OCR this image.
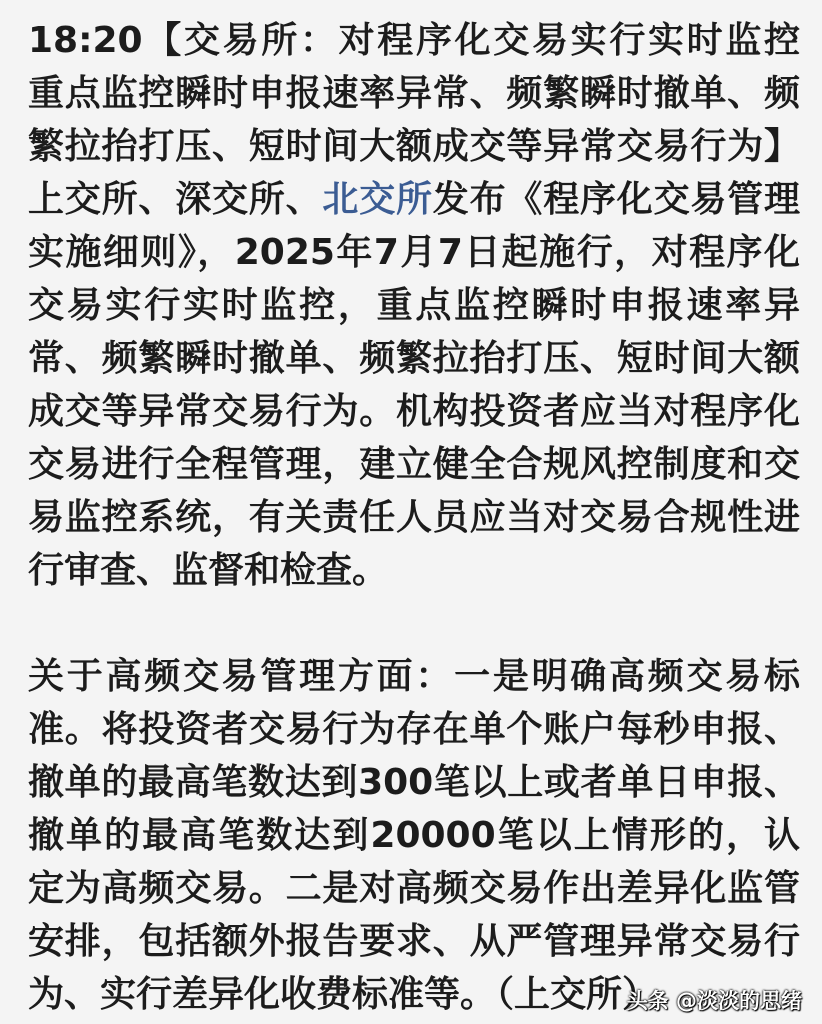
18:20【交易所：对程序化交易实行实时监控 重点监控瞬时申报速率异常、频繁瞬时撤单、频繁拉抬打压、短时间大额成交等异常交易行为】上交所、深交所、北交所发布《程序化交易管理实施细则》，2025年7月7日起施行，对程序化交易实行实时监控，重点监控瞬时申报速率异常、频繁瞬时撤单、频繁拉抬打压、短时间大额成交等异常交易行为。机构投资者应当对程序化交易进行全程管理，建立健全合规风控制度和交易监控系统，有关责任人员应当对交易合规性进行审查、监督和检查。

关于高频交易管理方面：一是明确高频交易标准。将投资者交易行为存在单个账户每秒申报、撤单的最高笔数达到300笔以上或者单日申报、撤单的最高笔数达到20000笔以上情形的，认定为高频交易。二是对高频交易作出差异化监管安排，包括额外报告要求、从严管理异常交易行为、实行差异化收费标准等。（上交所）

头条 @淡淡的思绪
